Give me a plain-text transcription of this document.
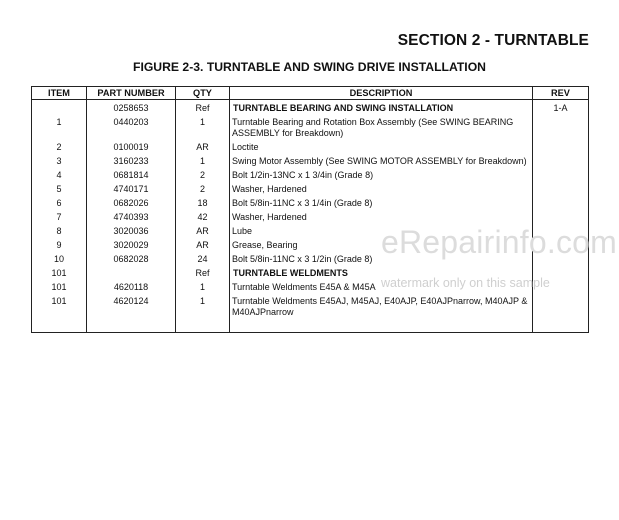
SECTION 2 - TURNTABLE
FIGURE 2-3. TURNTABLE AND SWING DRIVE INSTALLATION
ITEM	PART NUMBER	QTY	DESCRIPTION	REV

	0258653	Ref	TURNTABLE BEARING AND SWING INSTALLATION	1-A
1	0440203	1	Turntable Bearing and Rotation Box Assembly (See SWING BEARING ASSEMBLY for Breakdown)	
2	0100019	AR	Loctite	
3	3160233	1	Swing Motor Assembly (See SWING MOTOR ASSEMBLY for Breakdown)	
4	0681814	2	Bolt 1/2in-13NC x 1 3/4in (Grade 8)	
5	4740171	2	Washer, Hardened	
6	0682026	18	Bolt 5/8in-11NC x 3 1/4in (Grade 8)	
7	4740393	42	Washer, Hardened	
8	3020036	AR	Lube	
9	3020029	AR	Grease, Bearing	
10	0682028	24	Bolt 5/8in-11NC x 3 1/2in (Grade 8)	
101		Ref	TURNTABLE WELDMENTS	
101	4620118	1	Turntable Weldments E45A & M45A	
101	4620124	1	Turntable Weldments E45AJ, M45AJ, E40AJP, E40AJPnarrow, M40AJP & M40AJPnarrow	

eRepairinfo.com
watermark only on this sample
